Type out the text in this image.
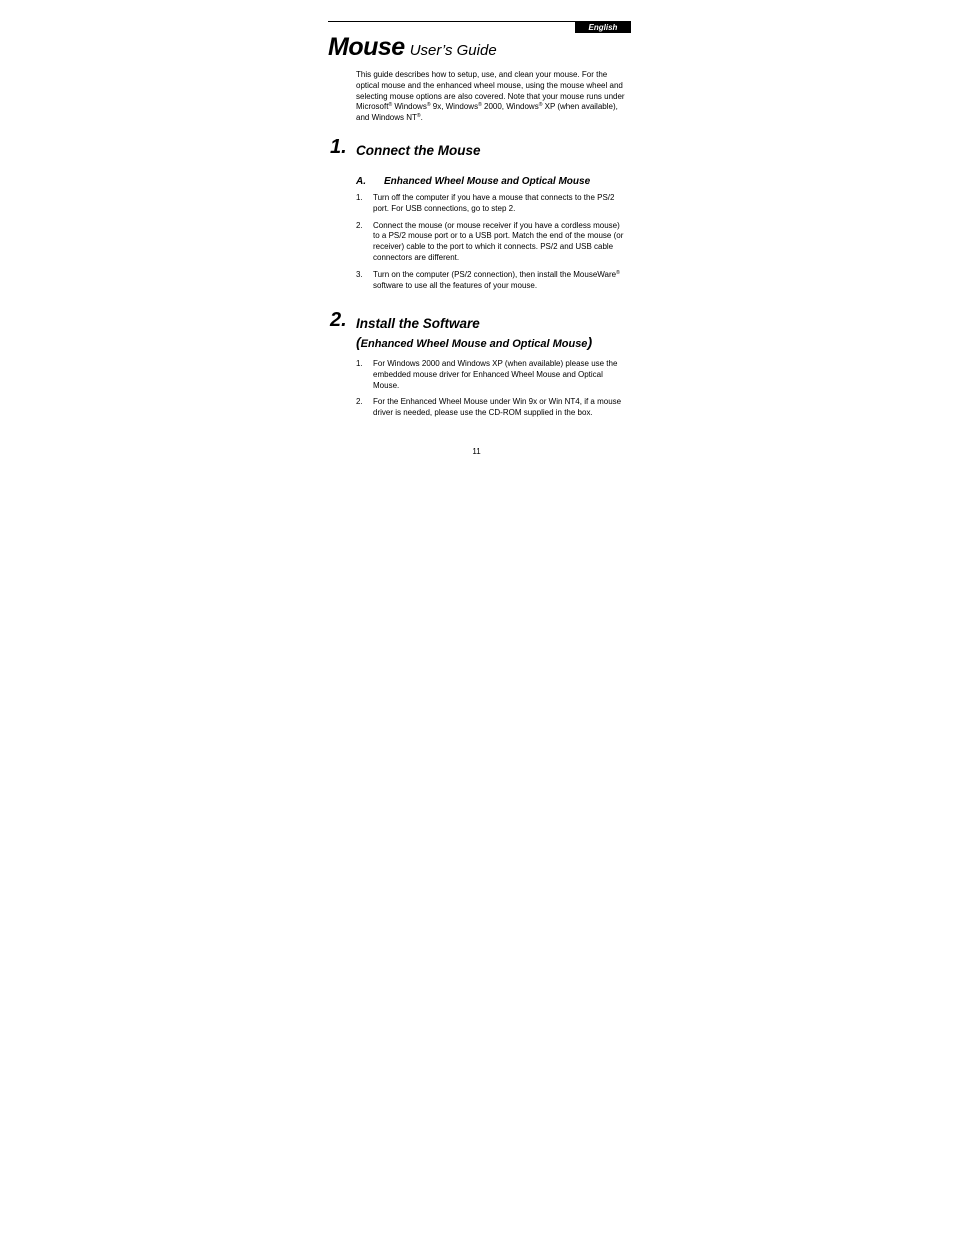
English
Mouse User’s Guide

This guide describes how to setup, use, and clean your mouse. For the optical mouse and the enhanced wheel mouse, using the mouse wheel and selecting mouse options are also covered. Note that your mouse runs under Microsoft® Windows® 9x, Windows® 2000, Windows® XP (when available), and Windows NT®.

1. Connect the Mouse
A. Enhanced Wheel Mouse and Optical Mouse
1. Turn off the computer if you have a mouse that connects to the PS/2 port. For USB connections, go to step 2.
2. Connect the mouse (or mouse receiver if you have a cordless mouse) to a PS/2 mouse port or to a USB port. Match the end of the mouse (or receiver) cable to the port to which it connects. PS/2 and USB cable connectors are different.
3. Turn on the computer (PS/2 connection), then install the MouseWare® software to use all the features of your mouse.
2. Install the Software
(Enhanced Wheel Mouse and Optical Mouse)
1. For Windows 2000 and Windows XP (when available) please use the embedded mouse driver for Enhanced Wheel Mouse and Optical Mouse.
2. For the Enhanced Wheel Mouse under Win 9x or Win NT4, if a mouse driver is needed, please use the CD-ROM supplied in the box.
11
